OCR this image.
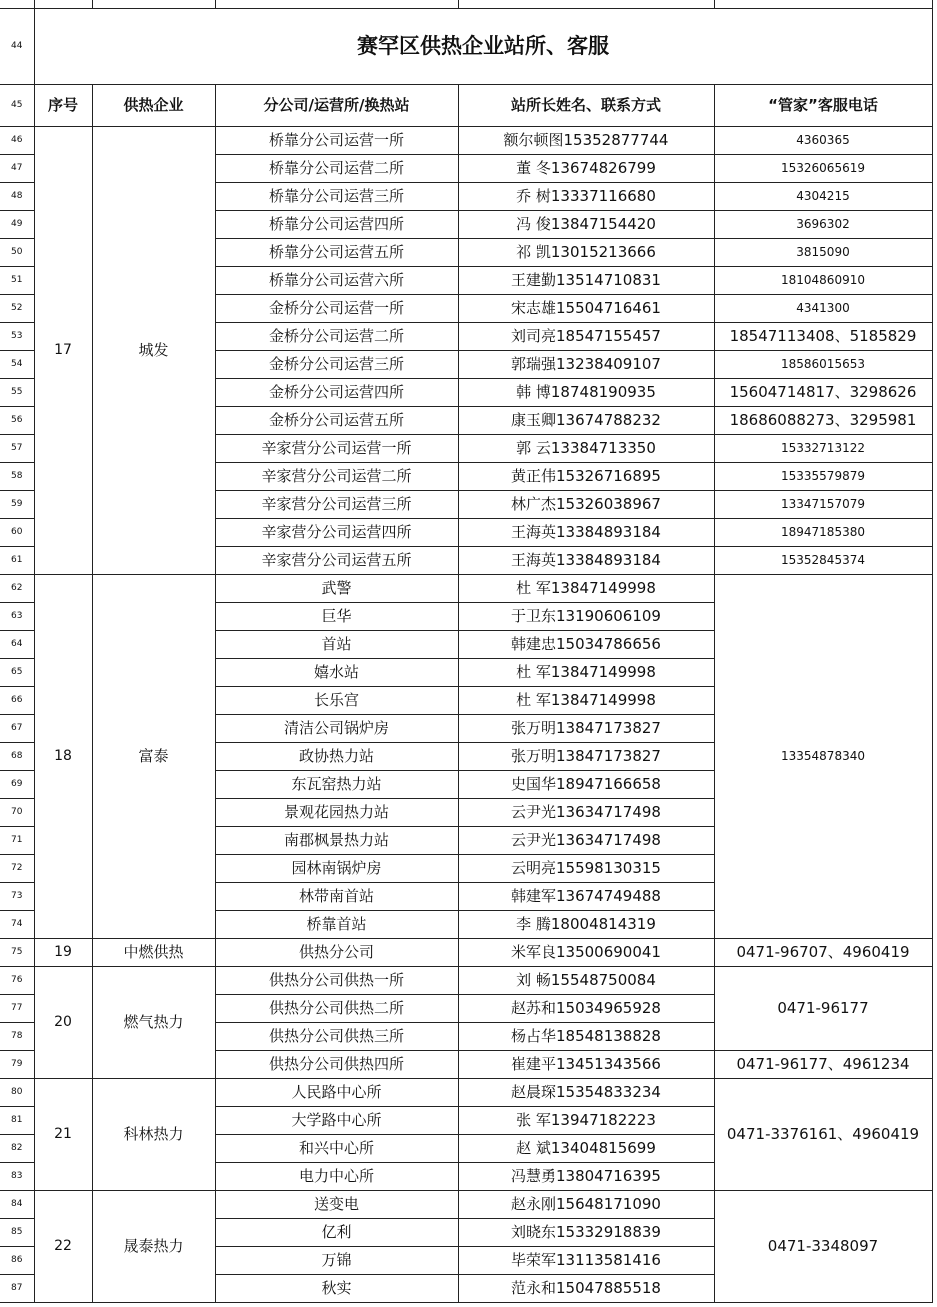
44	赛罕区供热企业站所、客服				
45	序号	供热企业	分公司/运营所/换热站	站所长姓名、联系方式	“管家”客服电话
46	17	城发	桥靠分公司运营一所	额尔顿图15352877744	4360365
47			桥靠分公司运营二所	董 冬13674826799	15326065619
48			桥靠分公司运营三所	乔 树13337116680	4304215
49			桥靠分公司运营四所	冯 俊13847154420	3696302
50			桥靠分公司运营五所	祁 凯13015213666	3815090
51			桥靠分公司运营六所	王建勤13514710831	18104860910
52			金桥分公司运营一所	宋志雄15504716461	4341300
53			金桥分公司运营二所	刘司亮18547155457	18547113408、5185829
54			金桥分公司运营三所	郭瑞强13238409107	18586015653
55			金桥分公司运营四所	韩 博18748190935	15604714817、3298626
56			金桥分公司运营五所	康玉卿13674788232	18686088273、3295981
57			辛家营分公司运营一所	郭 云13384713350	15332713122
58			辛家营分公司运营二所	黄正伟15326716895	15335579879
59			辛家营分公司运营三所	林广杰15326038967	13347157079
60			辛家营分公司运营四所	王海英13384893184	18947185380
61			辛家营分公司运营五所	王海英13384893184	15352845374
62	18	富泰	武警	杜 军13847149998	13354878340
63			巨华	于卫东13190606109	
64			首站	韩建忠15034786656	
65			嬉水站	杜 军13847149998	
66			长乐宫	杜 军13847149998	
67			清洁公司锅炉房	张万明13847173827	
68			政协热力站	张万明13847173827	
69			东瓦窑热力站	史国华18947166658	
70			景观花园热力站	云尹光13634717498	
71			南郡枫景热力站	云尹光13634717498	
72			园林南锅炉房	云明亮15598130315	
73			林带南首站	韩建军13674749488	
74			桥靠首站	李 腾18004814319	
75	19	中燃供热	供热分公司	米军良13500690041	0471-96707、4960419
76	20	燃气热力	供热分公司供热一所	刘 畅15548750084	0471-96177
77			供热分公司供热二所	赵苏和15034965928	
78			供热分公司供热三所	杨占华18548138828	
79			供热分公司供热四所	崔建平13451343566	0471-96177、4961234
80	21	科林热力	人民路中心所	赵晨琛15354833234	0471-3376161、4960419
81			大学路中心所	张 军13947182223	
82			和兴中心所	赵 斌13404815699	
83			电力中心所	冯慧勇13804716395	
84	22	晟泰热力	送变电	赵永刚15648171090	0471-3348097
85			亿利	刘晓东15332918839	
86			万锦	毕荣军13113581416	
87			秋实	范永和15047885518	
